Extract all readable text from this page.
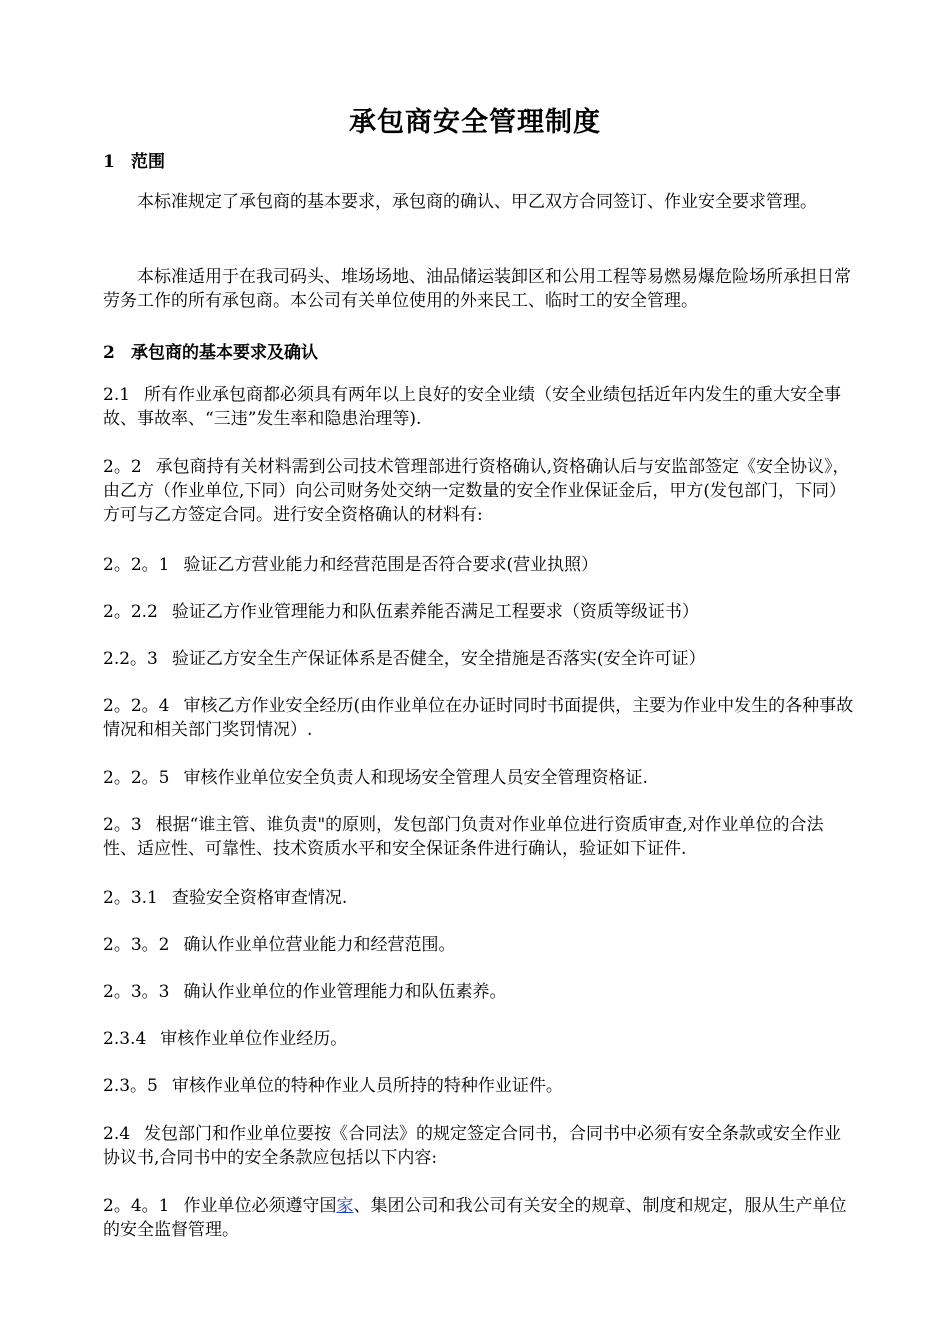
承包商安全管理制度
1 范围
本标准规定了承包商的基本要求，承包商的确认、甲乙双方合同签订、作业安全要求管理。
本标准适用于在我司码头、堆场场地、油品储运装卸区和公用工程等易燃易爆危险场所承担日常劳务工作的所有承包商。本公司有关单位使用的外来民工、临时工的安全管理。
2 承包商的基本要求及确认
2.1 所有作业承包商都必须具有两年以上良好的安全业绩（安全业绩包括近年内发生的重大安全事故、事故率、“三违”发生率和隐患治理等).
2。2 承包商持有关材料需到公司技术管理部进行资格确认,资格确认后与安监部签定《安全协议》，由乙方（作业单位,下同）向公司财务处交纳一定数量的安全作业保证金后，甲方(发包部门，下同）方可与乙方签定合同。进行安全资格确认的材料有:
2。2。1 验证乙方营业能力和经营范围是否符合要求(营业执照）
2。2.2 验证乙方作业管理能力和队伍素养能否满足工程要求（资质等级证书）
2.2。3 验证乙方安全生产保证体系是否健全，安全措施是否落实(安全许可证）
2。2。4 审核乙方作业安全经历(由作业单位在办证时同时书面提供，主要为作业中发生的各种事故情况和相关部门奖罚情况）.
2。2。5 审核作业单位安全负责人和现场安全管理人员安全管理资格证.
2。3 根据“谁主管、谁负责"的原则，发包部门负责对作业单位进行资质审查,对作业单位的合法性、适应性、可靠性、技术资质水平和安全保证条件进行确认，验证如下证件.
2。3.1 查验安全资格审查情况.
2。3。2 确认作业单位营业能力和经营范围。
2。3。3 确认作业单位的作业管理能力和队伍素养。
2.3.4 审核作业单位作业经历。
2.3。5 审核作业单位的特种作业人员所持的特种作业证件。
2.4 发包部门和作业单位要按《合同法》的规定签定合同书，合同书中必须有安全条款或安全作业协议书,合同书中的安全条款应包括以下内容:
2。4。1 作业单位必须遵守国家、集团公司和我公司有关安全的规章、制度和规定，服从生产单位的安全监督管理。
